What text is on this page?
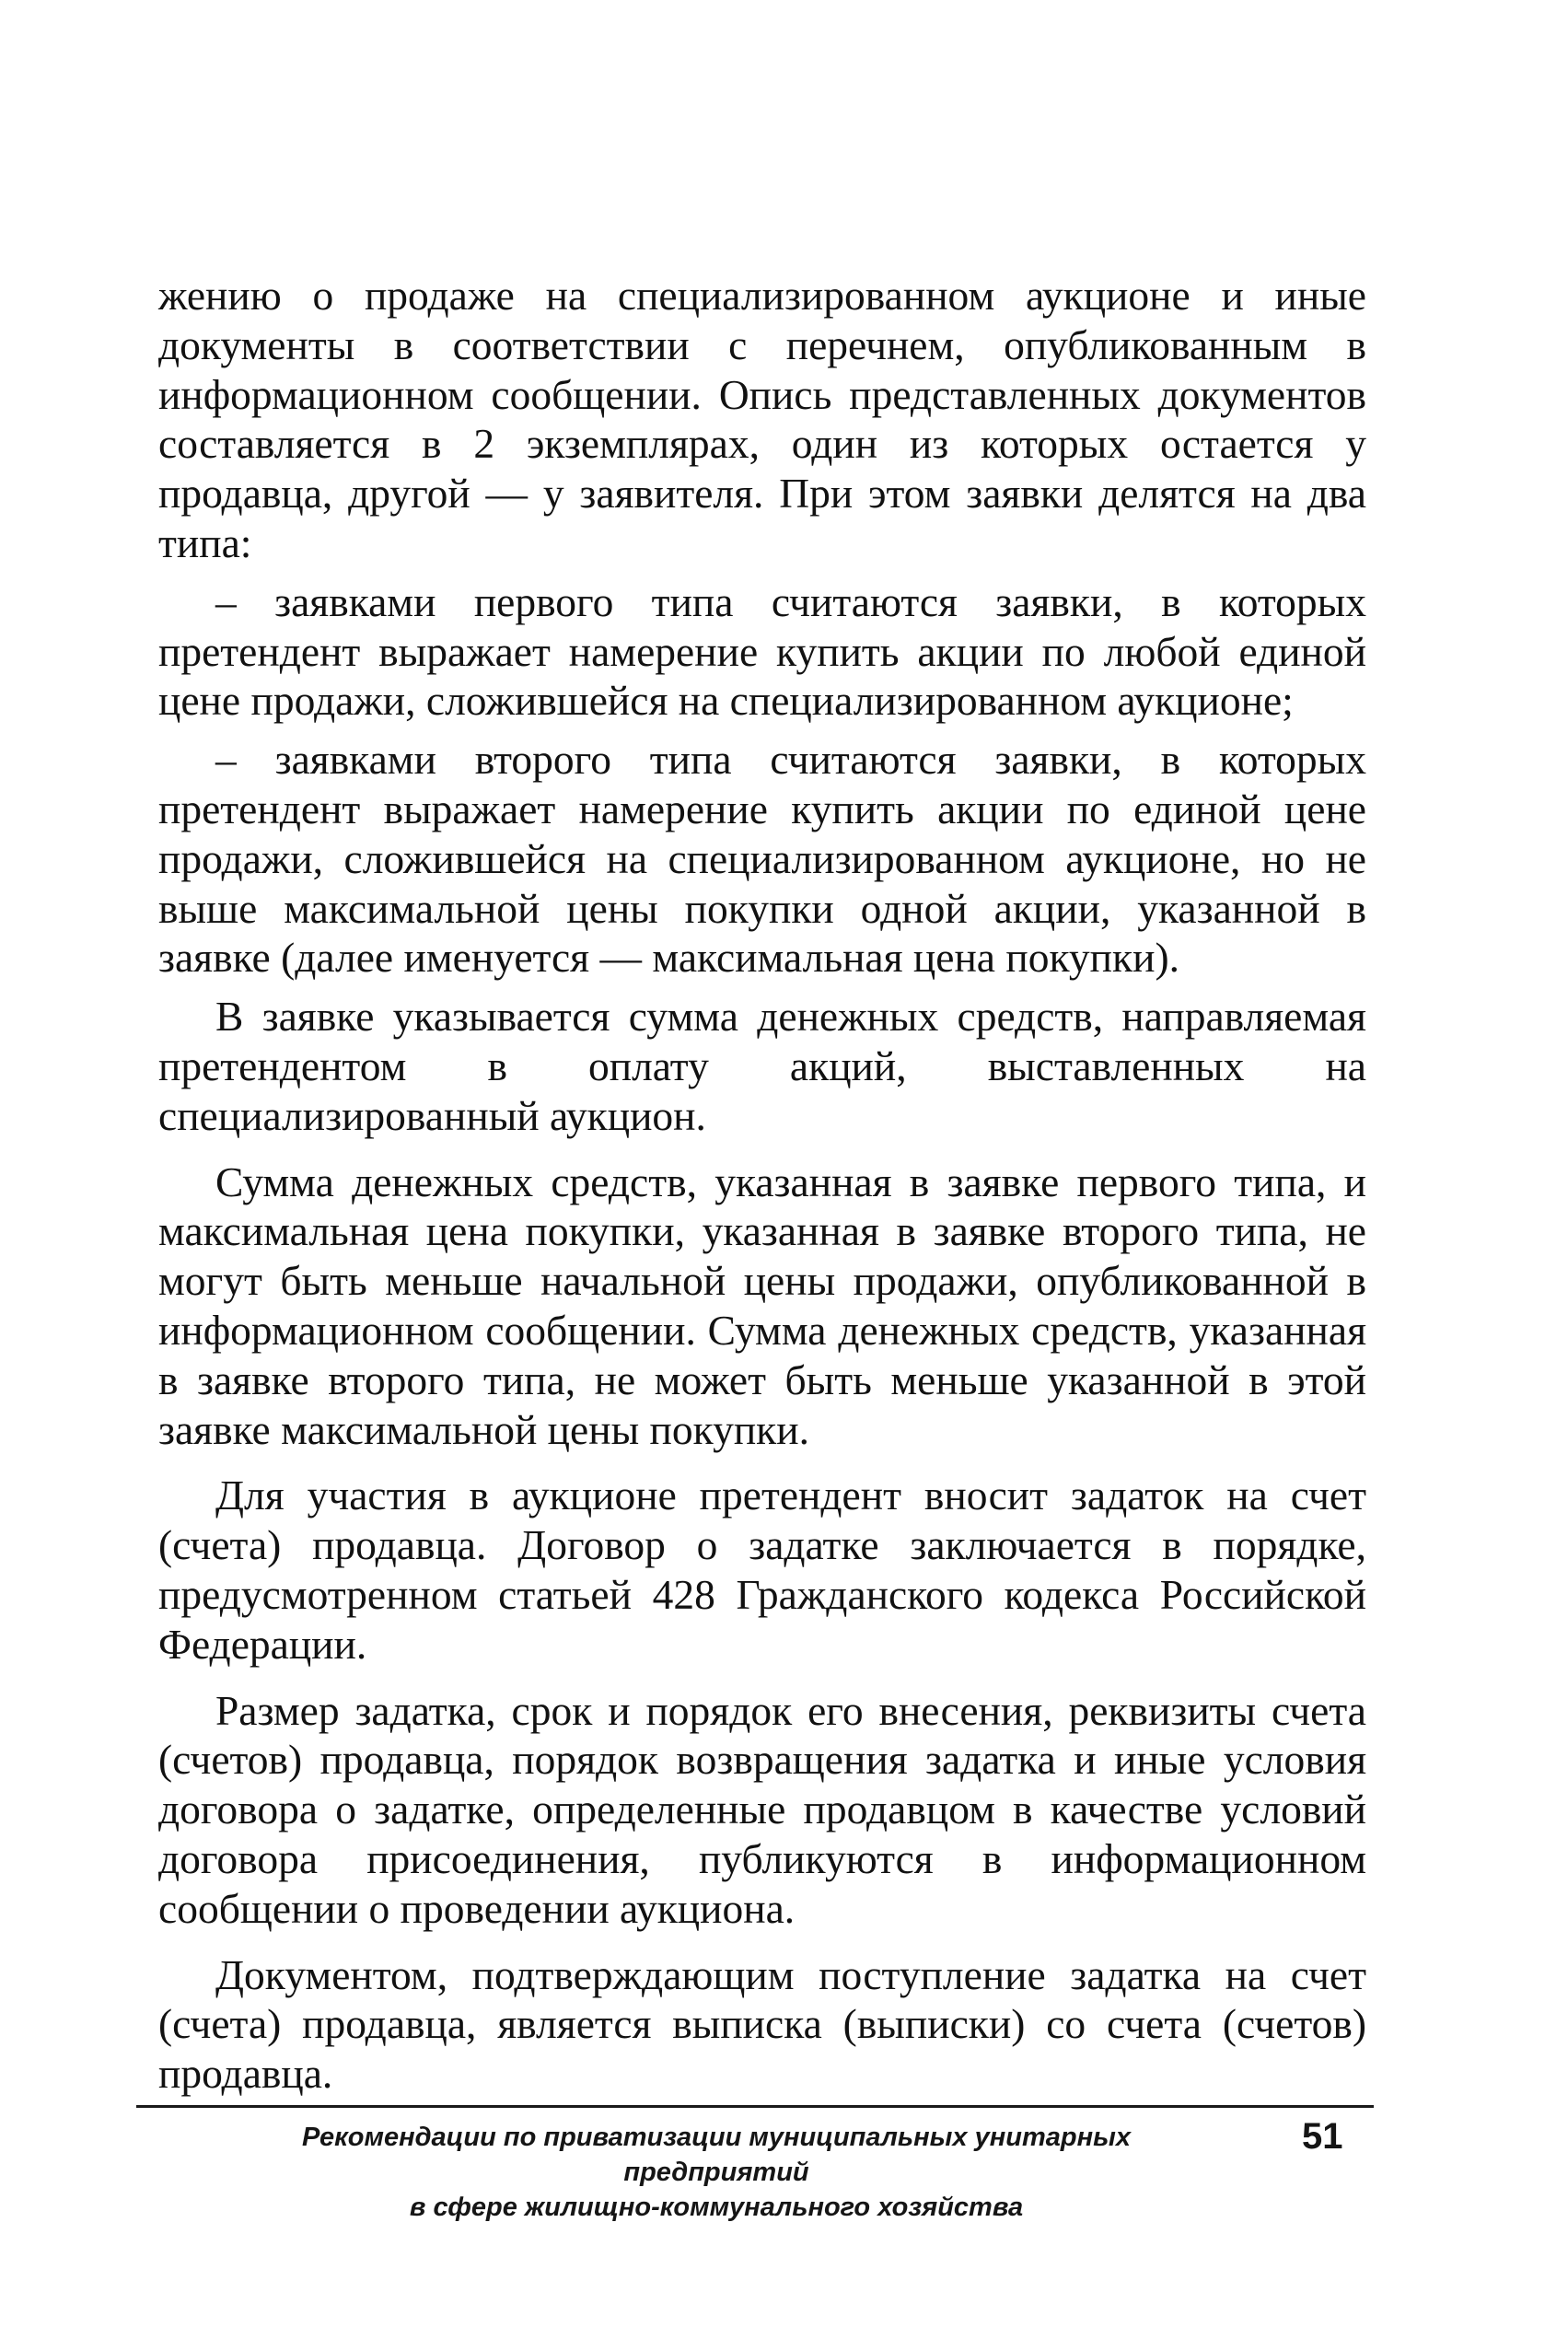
жению о продаже на специализированном аукционе и иные документы в соответствии с перечнем, опубликованным в информационном сообщении. Опись представленных документов составляется в 2 экземплярах, один из которых остается у продавца, другой — у заявителя. При этом заявки делятся на два типа:

– заявками первого типа считаются заявки, в которых претендент выражает намерение купить акции по любой единой цене продажи, сложившейся на специализированном аукционе;

– заявками второго типа считаются заявки, в которых претендент выражает намерение купить акции по единой цене продажи, сложившейся на специализированном аукционе, но не выше максимальной цены покупки одной акции, указанной в заявке (далее именуется — максимальная цена покупки).

В заявке указывается сумма денежных средств, направляемая претендентом в оплату акций, выставленных на специализированный аукцион.

Сумма денежных средств, указанная в заявке первого типа, и максимальная цена покупки, указанная в заявке второго типа, не могут быть меньше начальной цены продажи, опубликованной в информационном сообщении. Сумма денежных средств, указанная в заявке второго типа, не может быть меньше указанной в этой заявке максимальной цены покупки.

Для участия в аукционе претендент вносит задаток на счет (счета) продавца. Договор о задатке заключается в порядке, предусмотренном статьей 428 Гражданского кодекса Российской Федерации.

Размер задатка, срок и порядок его внесения, реквизиты счета (счетов) продавца, порядок возвращения задатка и иные условия договора о задатке, определенные продавцом в качестве условий договора присоединения, публикуются в информационном сообщении о проведении аукциона.

Документом, подтверждающим поступление задатка на счет (счета) продавца, является выписка (выписки) со счета (счетов) продавца.

Рекомендации по приватизации муниципальных унитарных предприятий
в сфере жилищно-коммунального хозяйства
51
